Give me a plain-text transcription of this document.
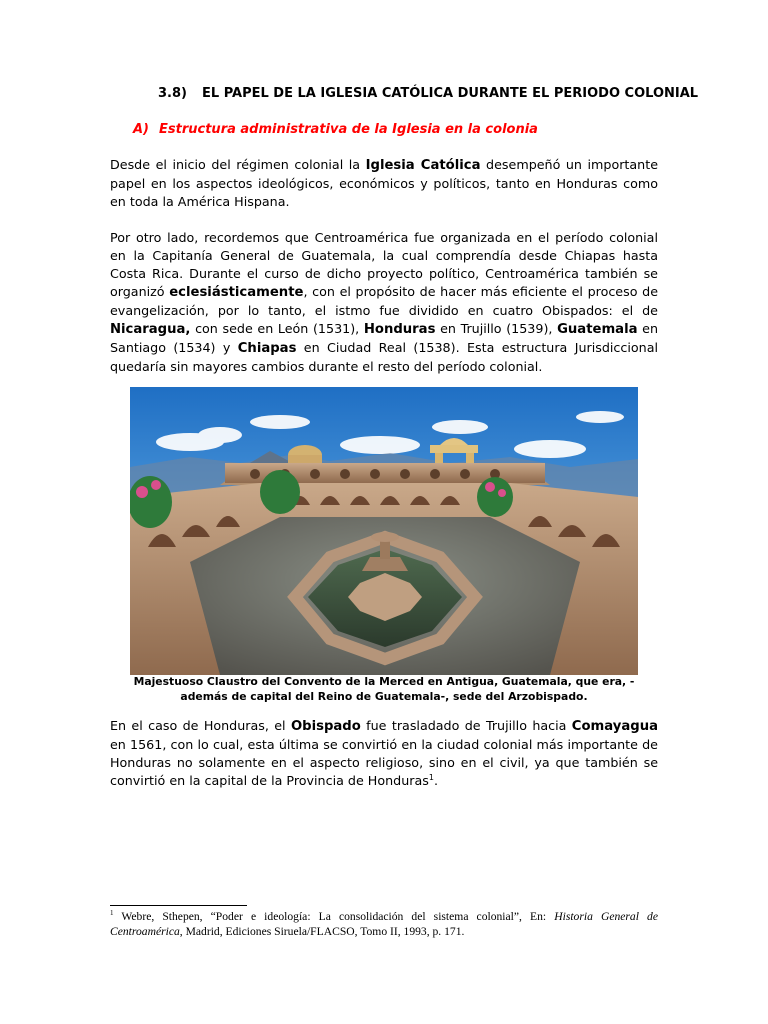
3.8) EL PAPEL DE LA IGLESIA CATÓLICA DURANTE EL PERIODO COLONIAL
A) Estructura administrativa de la Iglesia en la colonia

Desde el inicio del régimen colonial la Iglesia Católica desempeñó un importante papel en los aspectos ideológicos, económicos y políticos, tanto en Honduras como en toda la América Hispana.

Por otro lado, recordemos que Centroamérica fue organizada en el período colonial en la Capitanía General de Guatemala, la cual comprendía desde Chiapas hasta Costa Rica. Durante el curso de dicho proyecto político, Centroamérica también se organizó eclesiásticamente, con el propósito de hacer más eficiente el proceso de evangelización, por lo tanto, el istmo fue dividido en cuatro Obispados: el de Nicaragua, con sede en León (1531), Honduras en Trujillo (1539), Guatemala en Santiago (1534) y Chiapas en Ciudad Real (1538). Esta estructura Jurisdiccional quedaría sin mayores cambios durante el resto del período colonial.

Majestuoso Claustro del Convento de la Merced en Antigua, Guatemala, que era, -además de capital del Reino de Guatemala-, sede del Arzobispado.

En el caso de Honduras, el Obispado fue trasladado de Trujillo hacia Comayagua en 1561, con lo cual, esta última se convirtió en la ciudad colonial más importante de Honduras no solamente en el aspecto religioso, sino en el civil, ya que también se convirtió en la capital de la Provincia de Honduras$^1$.

$^1$ Webre, Sthepen, “Poder e ideología: La consolidación del sistema colonial”, En: Historia General de Centroamérica, Madrid, Ediciones Siruela/FLACSO, Tomo II, 1993, p. 171.
